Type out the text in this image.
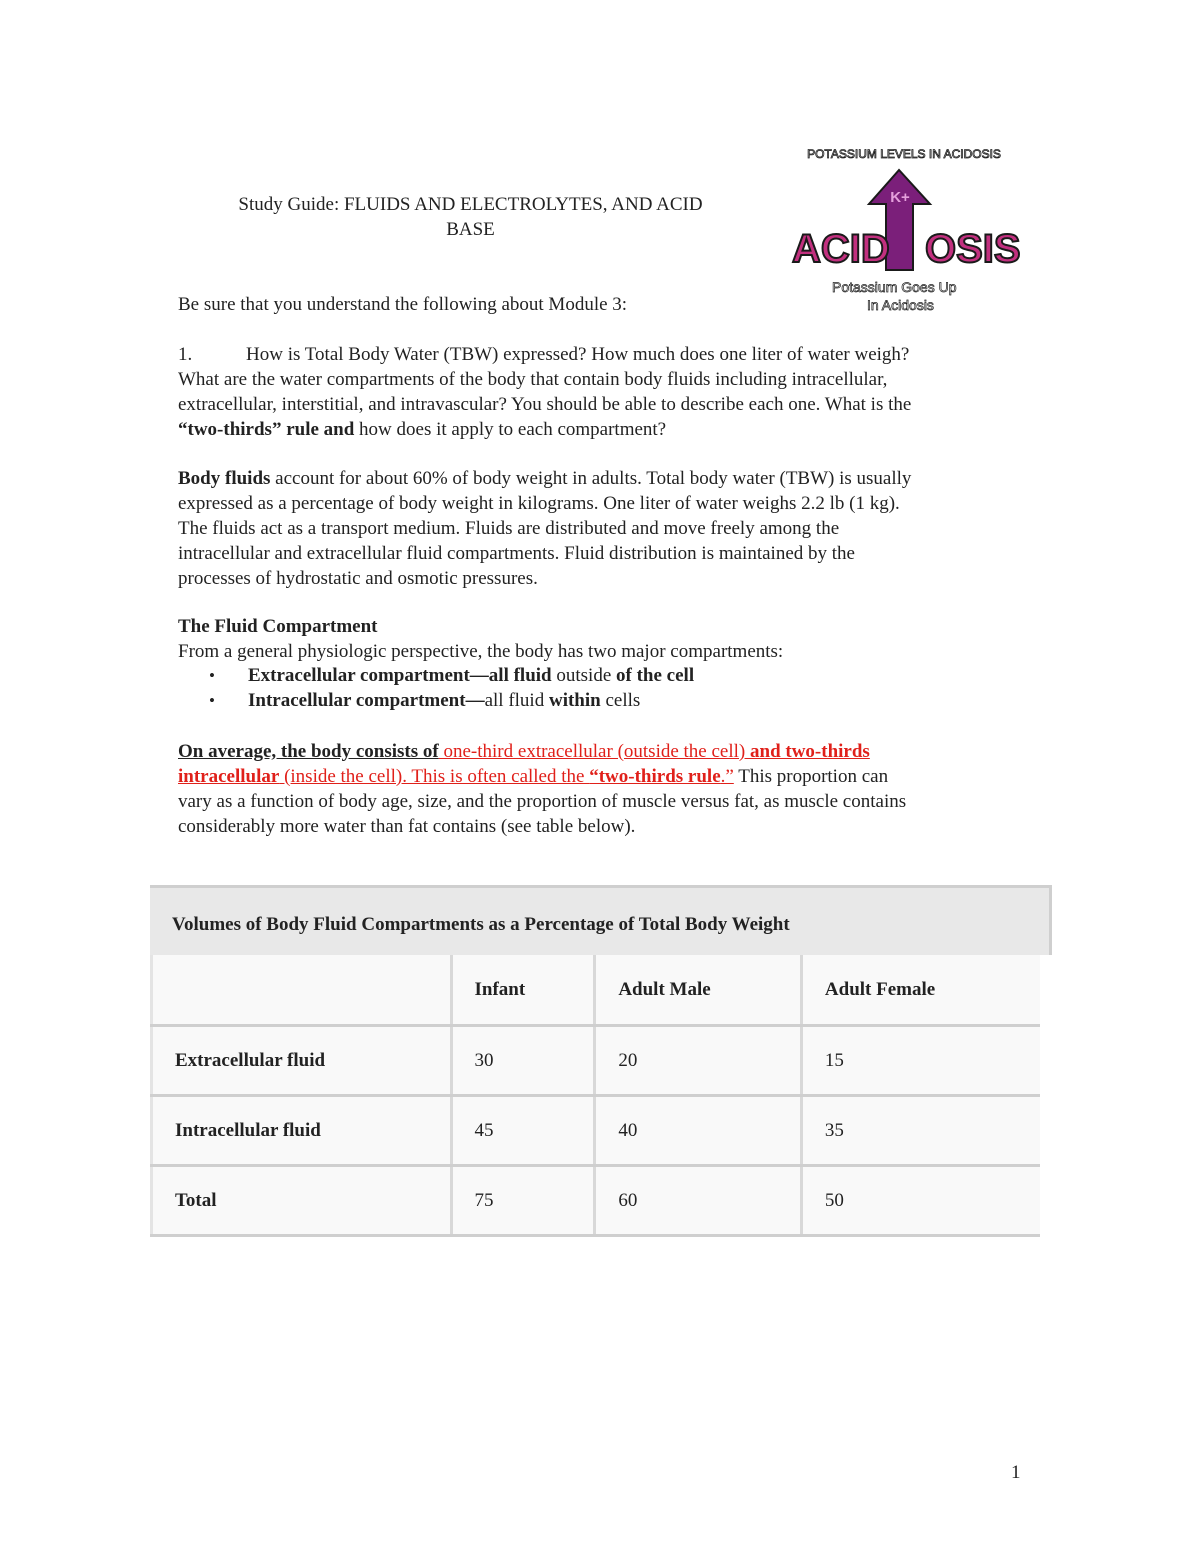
Study Guide: FLUIDS AND ELECTROLYTES, AND ACID
BASE
POTASSIUM LEVELS IN ACIDOSIS
K+
ACID OSIS
Potassium Goes Up
In Acidosis
Be sure that you understand the following about Module 3:
1.	How is Total Body Water (TBW) expressed? How much does one liter of water weigh?
What are the water compartments of the body that contain body fluids including intracellular,
extracellular, interstitial, and intravascular? You should be able to describe each one. What is the
“two-thirds” rule and how does it apply to each compartment?
Body fluids account for about 60% of body weight in adults. Total body water (TBW) is usually
expressed as a percentage of body weight in kilograms. One liter of water weighs 2.2 lb (1 kg).
The fluids act as a transport medium. Fluids are distributed and move freely among the
intracellular and extracellular fluid compartments. Fluid distribution is maintained by the
processes of hydrostatic and osmotic pressures.
The Fluid Compartment
From a general physiologic perspective, the body has two major compartments:
• Extracellular compartment—all fluid outside of the cell
• Intracellular compartment—all fluid within cells
On average, the body consists of one-third extracellular (outside the cell) and two-thirds
intracellular (inside the cell). This is often called the “two-thirds rule.” This proportion can
vary as a function of body age, size, and the proportion of muscle versus fat, as muscle contains
considerably more water than fat contains (see table below).
Volumes of Body Fluid Compartments as a Percentage of Total Body Weight
	Infant	Adult Male	Adult Female
Extracellular fluid	30	20	15
Intracellular fluid	45	40	35
Total	75	60	50
1
